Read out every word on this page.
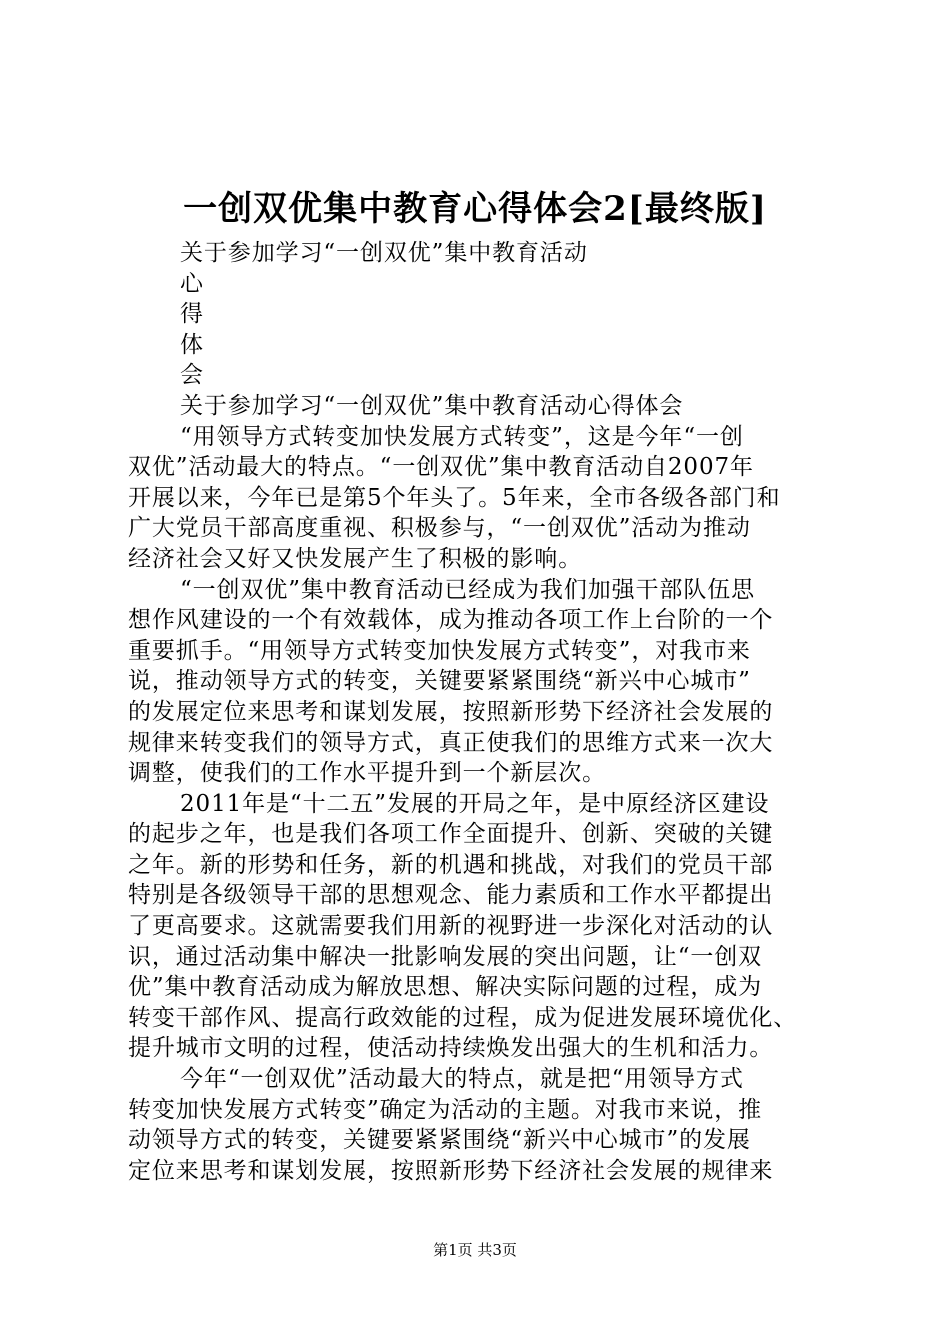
一创双优集中教育心得体会2[最终版]
关于参加学习“一创双优”集中教育活动
心
得
体
会
关于参加学习“一创双优”集中教育活动心得体会
“用领导方式转变加快发展方式转变”，这是今年“一创
双优”活动最大的特点。“一创双优”集中教育活动自2007年
开展以来，今年已是第5个年头了。5年来，全市各级各部门和
广大党员干部高度重视、积极参与，“一创双优”活动为推动
经济社会又好又快发展产生了积极的影响。
“一创双优”集中教育活动已经成为我们加强干部队伍思
想作风建设的一个有效载体，成为推动各项工作上台阶的一个
重要抓手。“用领导方式转变加快发展方式转变”，对我市来
说，推动领导方式的转变，关键要紧紧围绕“新兴中心城市”
的发展定位来思考和谋划发展，按照新形势下经济社会发展的
规律来转变我们的领导方式，真正使我们的思维方式来一次大
调整，使我们的工作水平提升到一个新层次。
2011年是“十二五”发展的开局之年，是中原经济区建设
的起步之年，也是我们各项工作全面提升、创新、突破的关键
之年。新的形势和任务，新的机遇和挑战，对我们的党员干部
特别是各级领导干部的思想观念、能力素质和工作水平都提出
了更高要求。这就需要我们用新的视野进一步深化对活动的认
识，通过活动集中解决一批影响发展的突出问题，让“一创双
优”集中教育活动成为解放思想、解决实际问题的过程，成为
转变干部作风、提高行政效能的过程，成为促进发展环境优化、
提升城市文明的过程，使活动持续焕发出强大的生机和活力。
今年“一创双优”活动最大的特点，就是把“用领导方式
转变加快发展方式转变”确定为活动的主题。对我市来说，推
动领导方式的转变，关键要紧紧围绕“新兴中心城市”的发展
定位来思考和谋划发展，按照新形势下经济社会发展的规律来
第1页 共3页
